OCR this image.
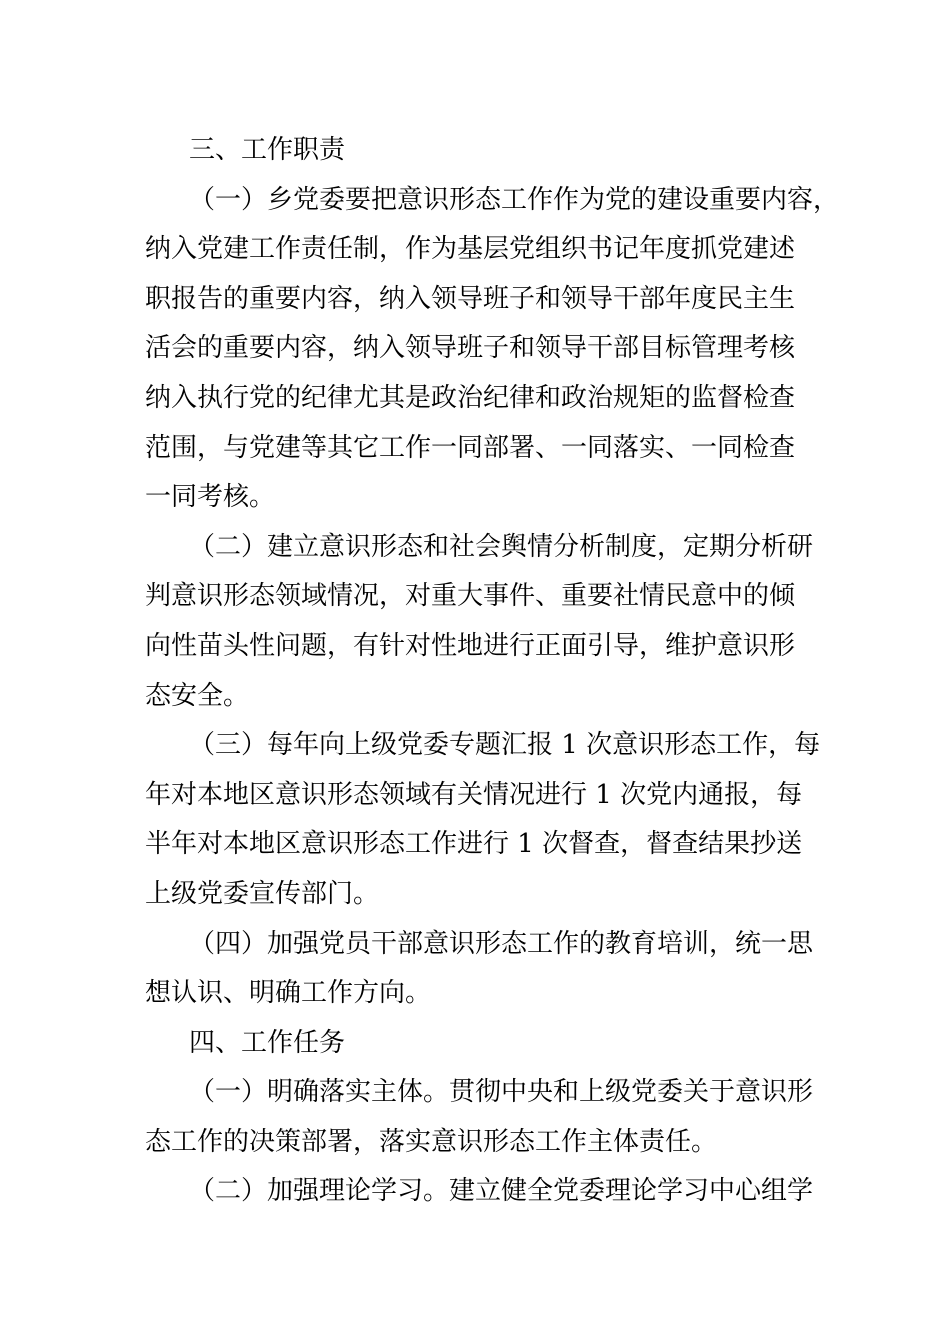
三、工作职责
（一）乡党委要把意识形态工作作为党的建设重要内容，
纳入党建工作责任制，作为基层党组织书记年度抓党建述
职报告的重要内容，纳入领导班子和领导干部年度民主生
活会的重要内容，纳入领导班子和领导干部目标管理考核
纳入执行党的纪律尤其是政治纪律和政治规矩的监督检查
范围，与党建等其它工作一同部署、一同落实、一同检查
一同考核。
（二）建立意识形态和社会舆情分析制度，定期分析研
判意识形态领域情况，对重大事件、重要社情民意中的倾
向性苗头性问题，有针对性地进行正面引导，维护意识形
态安全。
（三）每年向上级党委专题汇报 1 次意识形态工作，每
年对本地区意识形态领域有关情况进行 1 次党内通报，每
半年对本地区意识形态工作进行 1 次督查，督查结果抄送
上级党委宣传部门。
（四）加强党员干部意识形态工作的教育培训，统一思
想认识、明确工作方向。
四、工作任务
（一）明确落实主体。贯彻中央和上级党委关于意识形
态工作的决策部署，落实意识形态工作主体责任。
（二）加强理论学习。建立健全党委理论学习中心组学
